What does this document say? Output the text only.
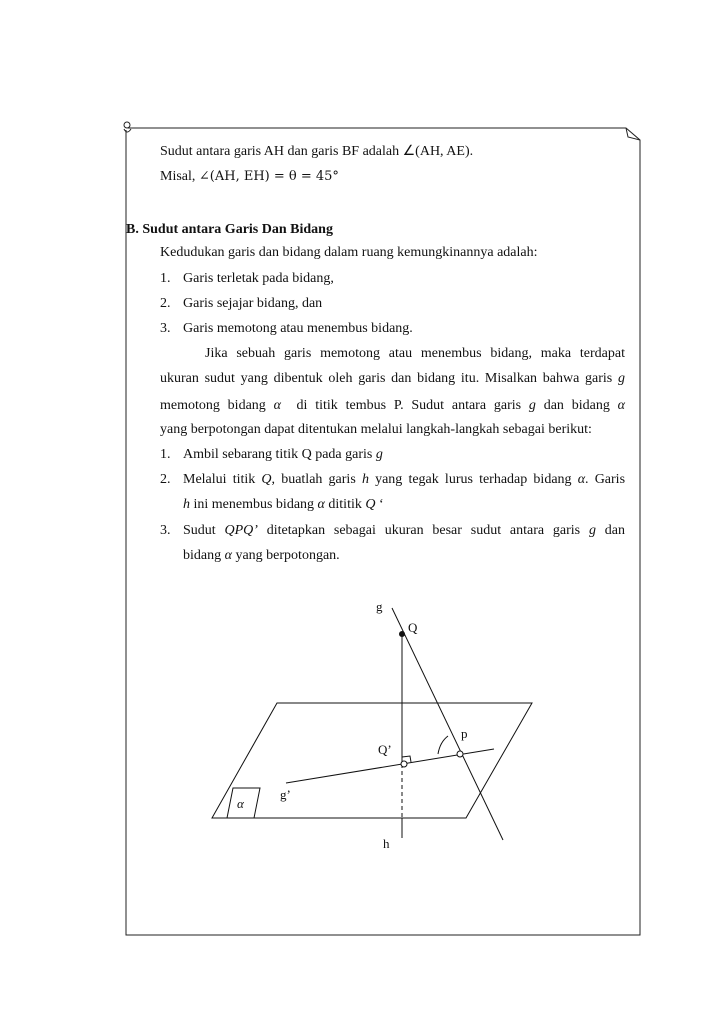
Sudut antara garis AH dan garis BF adalah ∠(AH, AE).
Misal, ∠(AH, EH) = θ = 45°
B. Sudut antara Garis Dan Bidang
Kedudukan garis dan bidang dalam ruang kemungkinannya adalah:
1. Garis terletak pada bidang,
2. Garis sejajar bidang, dan
3. Garis memotong atau menembus bidang.
Jika sebuah garis memotong atau menembus bidang, maka terdapat
ukuran sudut yang dibentuk oleh garis dan bidang itu. Misalkan bahwa garis g
memotong bidang α  di titik tembus P. Sudut antara garis g dan bidang α
yang berpotongan dapat ditentukan melalui langkah-langkah sebagai berikut:
1. Ambil sebarang titik Q pada garis g
2. Melalui titik Q, buatlah garis h yang tegak lurus terhadap bidang α. Garis
h ini menembus bidang α dititik Q ‘
3. Sudut QPQ’ ditetapkan sebagai ukuran besar sudut antara garis g dan
bidang α yang berpotongan.
g
Q
p
Q’
g’
α
h
